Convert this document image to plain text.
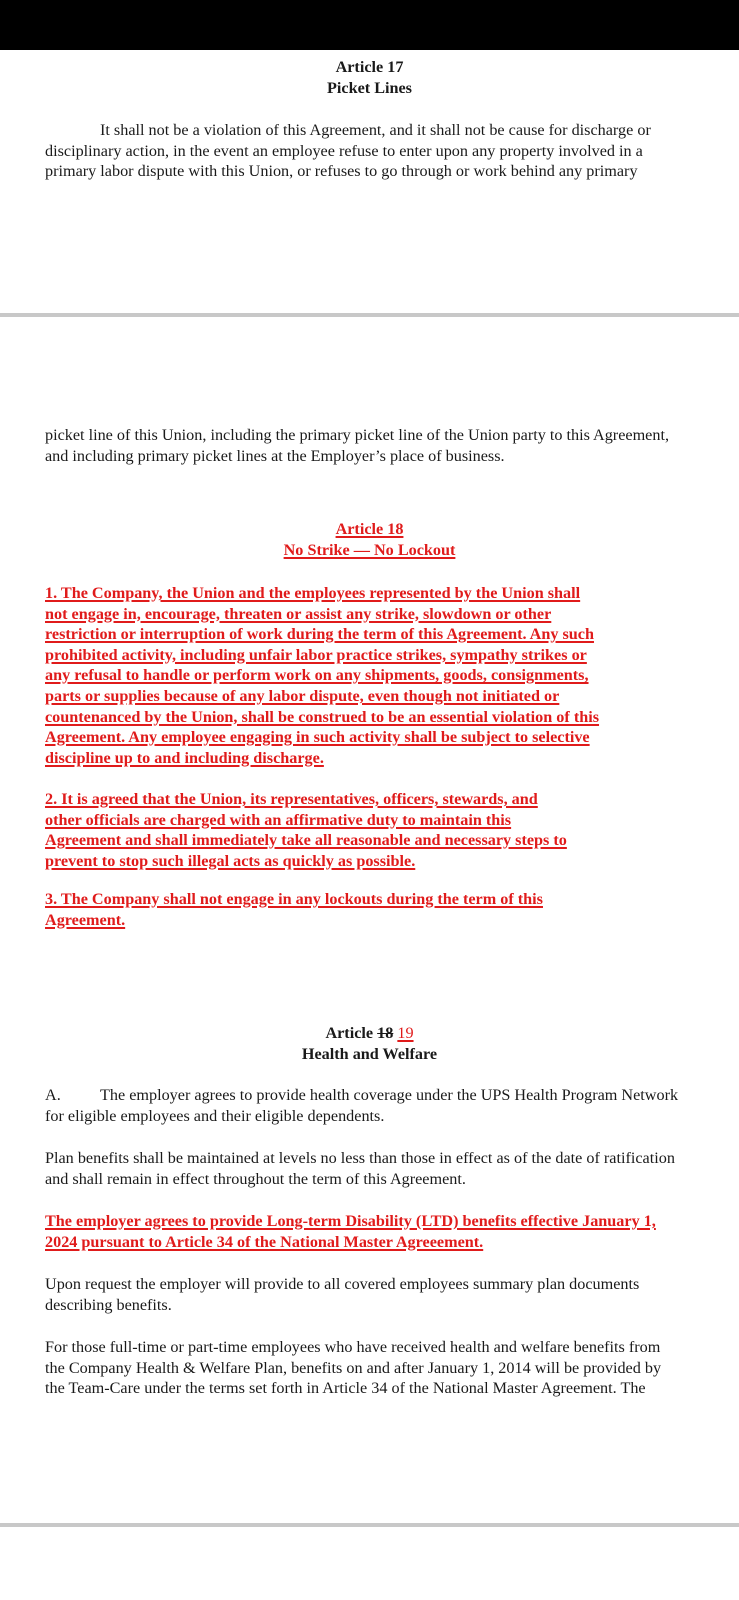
Article 17
Picket Lines
It shall not be a violation of this Agreement, and it shall not be cause for discharge or
disciplinary action, in the event an employee refuse to enter upon any property involved in a
primary labor dispute with this Union, or refuses to go through or work behind any primary
picket line of this Union, including the primary picket line of the Union party to this Agreement,
and including primary picket lines at the Employer’s place of business.
Article 18
No Strike — No Lockout
1. The Company, the Union and the employees represented by the Union shall
not engage in, encourage, threaten or assist any strike, slowdown or other
restriction or interruption of work during the term of this Agreement. Any such
prohibited activity, including unfair labor practice strikes, sympathy strikes or
any refusal to handle or perform work on any shipments, goods, consignments,
parts or supplies because of any labor dispute, even though not initiated or
countenanced by the Union, shall be construed to be an essential violation of this
Agreement. Any employee engaging in such activity shall be subject to selective
discipline up to and including discharge.
2. It is agreed that the Union, its representatives, officers, stewards, and
other officials are charged with an affirmative duty to maintain this
Agreement and shall immediately take all reasonable and necessary steps to
prevent to stop such illegal acts as quickly as possible.
3. The Company shall not engage in any lockouts during the term of this
Agreement.
Article 18 19
Health and Welfare
A. The employer agrees to provide health coverage under the UPS Health Program Network
for eligible employees and their eligible dependents.
Plan benefits shall be maintained at levels no less than those in effect as of the date of ratification
and shall remain in effect throughout the term of this Agreement.
The employer agrees to provide Long-term Disability (LTD) benefits effective January 1,
2024 pursuant to Article 34 of the National Master Agreeement.
Upon request the employer will provide to all covered employees summary plan documents
describing benefits.
For those full-time or part-time employees who have received health and welfare benefits from
the Company Health & Welfare Plan, benefits on and after January 1, 2014 will be provided by
the Team-Care under the terms set forth in Article 34 of the National Master Agreement. The
